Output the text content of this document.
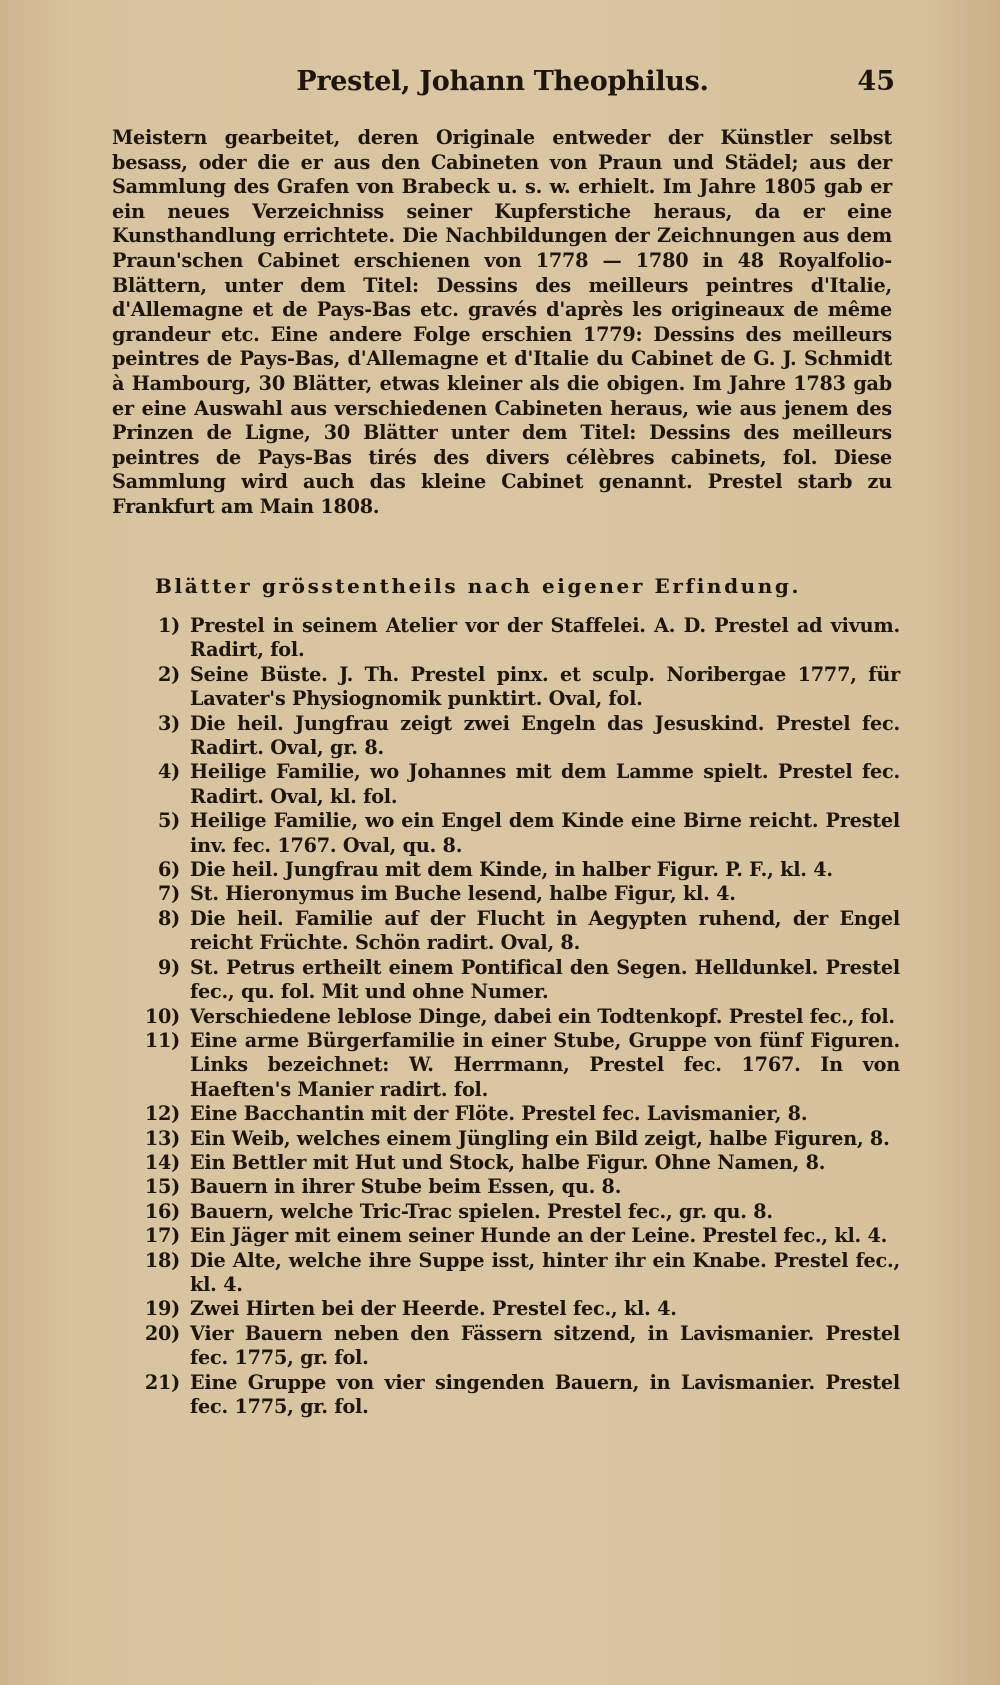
Prestel, Johann Theophilus.	45

Meistern gearbeitet, deren Originale entweder der Künstler selbst besass, oder die er aus den Cabineten von Praun und Städel; aus der Sammlung des Grafen von Brabeck u. s. w. erhielt. Im Jahre 1805 gab er ein neues Verzeichniss seiner Kupferstiche heraus, da er eine Kunsthandlung errichtete. Die Nachbildungen der Zeichnungen aus dem Praun'schen Cabinet erschienen von 1778 — 1780 in 48 Royalfolio-Blättern, unter dem Titel: Dessins des meilleurs peintres d'Italie, d'Allemagne et de Pays-Bas etc. gravés d'après les origineaux de même grandeur etc. Eine andere Folge erschien 1779: Dessins des meilleurs peintres de Pays-Bas, d'Allemagne et d'Italie du Cabinet de G. J. Schmidt à Hambourg, 30 Blätter, etwas kleiner als die obigen. Im Jahre 1783 gab er eine Auswahl aus verschiedenen Cabineten heraus, wie aus jenem des Prinzen de Ligne, 30 Blätter unter dem Titel: Dessins des meilleurs peintres de Pays-Bas tirés des divers célèbres cabinets, fol. Diese Sammlung wird auch das kleine Cabinet genannt. Prestel starb zu Frankfurt am Main 1808.

Blätter grösstentheils nach eigener Erfindung.
1) Prestel in seinem Atelier vor der Staffelei. A. D. Prestel ad vivum. Radirt, fol.
2) Seine Büste. J. Th. Prestel pinx. et sculp. Noribergae 1777, für Lavater's Physiognomik punktirt. Oval, fol.
3) Die heil. Jungfrau zeigt zwei Engeln das Jesuskind. Prestel fec. Radirt. Oval, gr. 8.
4) Heilige Familie, wo Johannes mit dem Lamme spielt. Prestel fec. Radirt. Oval, kl. fol.
5) Heilige Familie, wo ein Engel dem Kinde eine Birne reicht. Prestel inv. fec. 1767. Oval, qu. 8.
6) Die heil. Jungfrau mit dem Kinde, in halber Figur. P. F., kl. 4.
7) St. Hieronymus im Buche lesend, halbe Figur, kl. 4.
8) Die heil. Familie auf der Flucht in Aegypten ruhend, der Engel reicht Früchte. Schön radirt. Oval, 8.
9) St. Petrus ertheilt einem Pontifical den Segen. Helldunkel. Prestel fec., qu. fol. Mit und ohne Numer.
10) Verschiedene leblose Dinge, dabei ein Todtenkopf. Prestel fec., fol.
11) Eine arme Bürgerfamilie in einer Stube, Gruppe von fünf Figuren. Links bezeichnet: W. Herrmann, Prestel fec. 1767. In von Haeften's Manier radirt. fol.
12) Eine Bacchantin mit der Flöte. Prestel fec. Lavismanier, 8.
13) Ein Weib, welches einem Jüngling ein Bild zeigt, halbe Figuren, 8.
14) Ein Bettler mit Hut und Stock, halbe Figur. Ohne Namen, 8.
15) Bauern in ihrer Stube beim Essen, qu. 8.
16) Bauern, welche Tric-Trac spielen. Prestel fec., gr. qu. 8.
17) Ein Jäger mit einem seiner Hunde an der Leine. Prestel fec., kl. 4.
18) Die Alte, welche ihre Suppe isst, hinter ihr ein Knabe. Prestel fec., kl. 4.
19) Zwei Hirten bei der Heerde. Prestel fec., kl. 4.
20) Vier Bauern neben den Fässern sitzend, in Lavismanier. Prestel fec. 1775, gr. fol.
21) Eine Gruppe von vier singenden Bauern, in Lavismanier. Prestel fec. 1775, gr. fol.
